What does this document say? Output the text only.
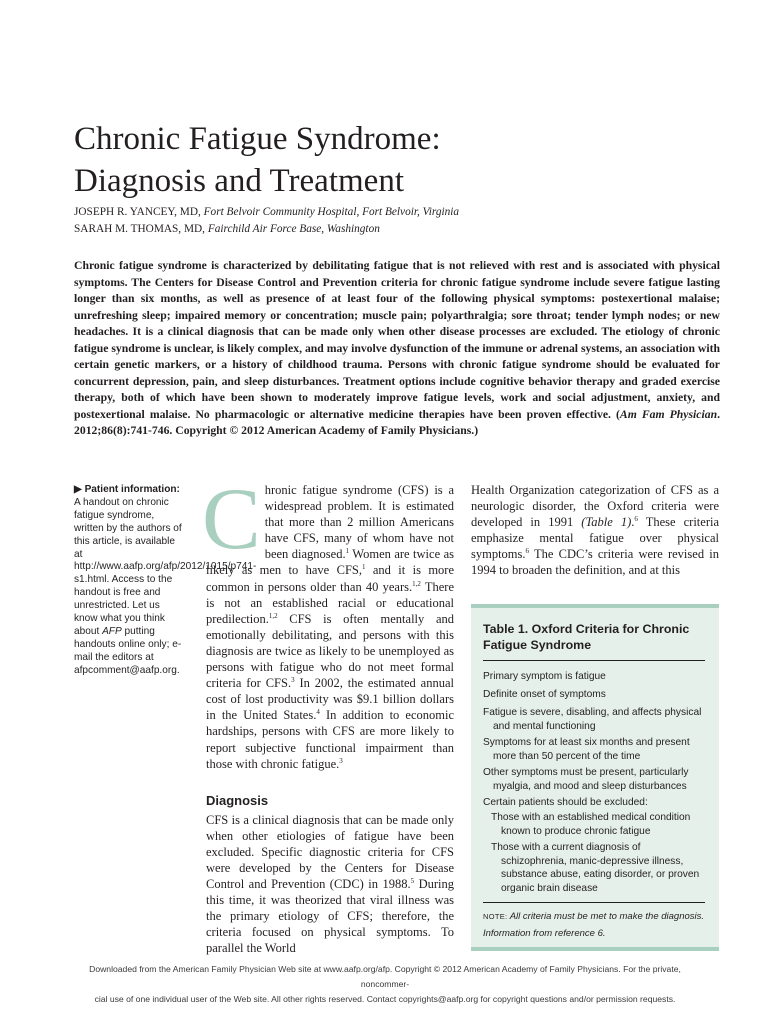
Chronic Fatigue Syndrome:
Diagnosis and Treatment
JOSEPH R. YANCEY, MD, Fort Belvoir Community Hospital, Fort Belvoir, Virginia
SARAH M. THOMAS, MD, Fairchild Air Force Base, Washington

Chronic fatigue syndrome is characterized by debilitating fatigue that is not relieved with rest and is associated with physical symptoms. The Centers for Disease Control and Prevention criteria for chronic fatigue syndrome include severe fatigue lasting longer than six months, as well as presence of at least four of the following physical symptoms: postexertional malaise; unrefreshing sleep; impaired memory or concentration; muscle pain; polyarthralgia; sore throat; tender lymph nodes; or new headaches. It is a clinical diagnosis that can be made only when other disease processes are excluded. The etiology of chronic fatigue syndrome is unclear, is likely complex, and may involve dysfunction of the immune or adrenal systems, an association with certain genetic markers, or a history of childhood trauma. Persons with chronic fatigue syndrome should be evaluated for concurrent depression, pain, and sleep disturbances. Treatment options include cognitive behavior therapy and graded exercise therapy, both of which have been shown to moderately improve fatigue levels, work and social adjustment, anxiety, and postexertional malaise. No pharmacologic or alternative medicine therapies have been proven effective. (Am Fam Physician. 2012;86(8):741-746. Copyright © 2012 American Academy of Family Physicians.)

▶ Patient information: A handout on chronic fatigue syndrome, written by the authors of this article, is available at http://www.aafp.org/afp/2012/1015/p741-s1.html. Access to the handout is free and unrestricted. Let us know what you think about AFP putting handouts online only; e-mail the editors at afpcomment@aafp.org.

Chronic fatigue syndrome (CFS) is a widespread problem. It is estimated that more than 2 million Americans have CFS, many of whom have not been diagnosed.$^1$ Women are twice as likely as men to have CFS,$^1$ and it is more common in persons older than 40 years.$^{1,2}$ There is not an established racial or educational predilection.$^{1,2}$ CFS is often mentally and emotionally debilitating, and persons with this diagnosis are twice as likely to be unemployed as persons with fatigue who do not meet formal criteria for CFS.$^3$ In 2002, the estimated annual cost of lost productivity was $9.1 billion dollars in the United States.$^4$ In addition to economic hardships, persons with CFS are more likely to report subjective functional impairment than those with chronic fatigue.$^3$

Diagnosis

CFS is a clinical diagnosis that can be made only when other etiologies of fatigue have been excluded. Specific diagnostic criteria for CFS were developed by the Centers for Disease Control and Prevention (CDC) in 1988.$^5$ During this time, it was theorized that viral illness was the primary etiology of CFS; therefore, the criteria focused on physical symptoms. To parallel the World

Health Organization categorization of CFS as a neurologic disorder, the Oxford criteria were developed in 1991 (Table 1).$^6$ These criteria emphasize mental fatigue over physical symptoms.$^6$ The CDC’s criteria were revised in 1994 to broaden the definition, and at this

Table 1. Oxford Criteria for Chronic Fatigue Syndrome
Primary symptom is fatigue
Definite onset of symptoms
Fatigue is severe, disabling, and affects physical and mental functioning
Symptoms for at least six months and present more than 50 percent of the time
Other symptoms must be present, particularly myalgia, and mood and sleep disturbances
Certain patients should be excluded:
Those with an established medical condition known to produce chronic fatigue
Those with a current diagnosis of schizophrenia, manic-depressive illness, substance abuse, eating disorder, or proven organic brain disease
NOTE: All criteria must be met to make the diagnosis.
Information from reference 6.
Downloaded from the American Family Physician Web site at www.aafp.org/afp. Copyright © 2012 American Academy of Family Physicians. For the private, noncommer-
cial use of one individual user of the Web site. All other rights reserved. Contact copyrights@aafp.org for copyright questions and/or permission requests.
